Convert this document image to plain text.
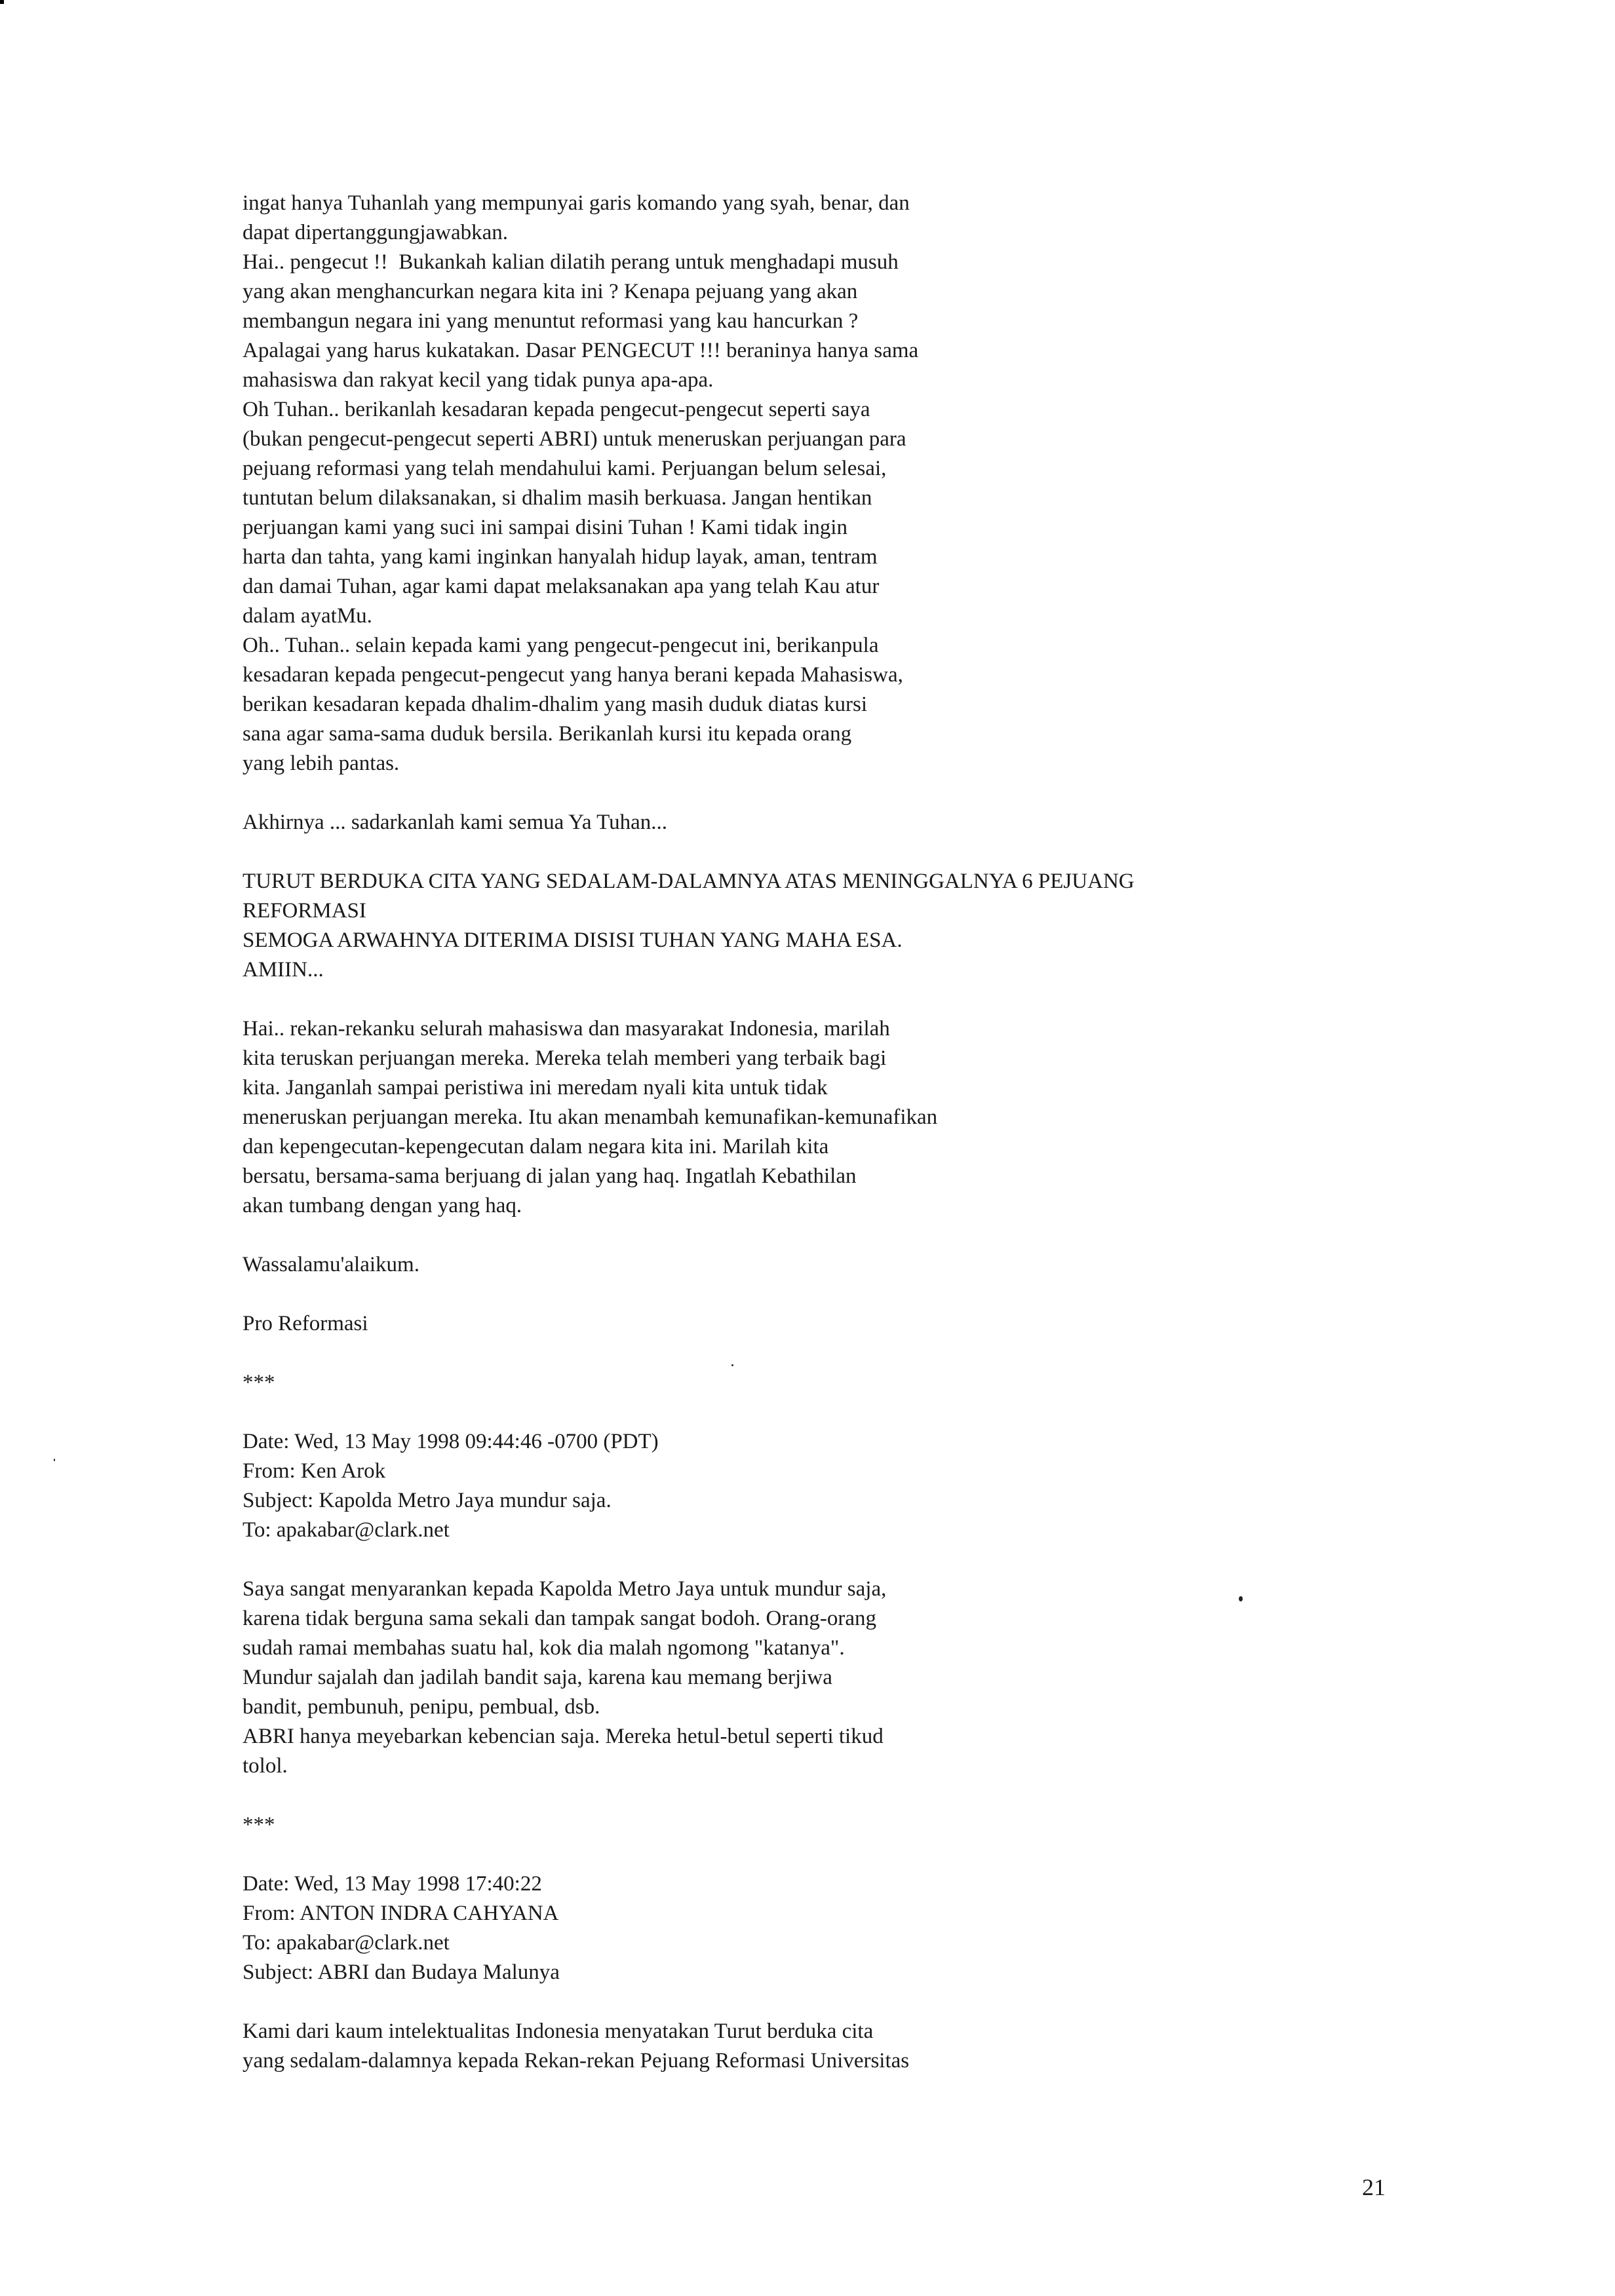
ingat hanya Tuhanlah yang mempunyai garis komando yang syah, benar, dan
dapat dipertanggungjawabkan.
Hai.. pengecut !!  Bukankah kalian dilatih perang untuk menghadapi musuh
yang akan menghancurkan negara kita ini ? Kenapa pejuang yang akan
membangun negara ini yang menuntut reformasi yang kau hancurkan ?
Apalagai yang harus kukatakan. Dasar PENGECUT !!! beraninya hanya sama
mahasiswa dan rakyat kecil yang tidak punya apa-apa.
Oh Tuhan.. berikanlah kesadaran kepada pengecut-pengecut seperti saya
(bukan pengecut-pengecut seperti ABRI) untuk meneruskan perjuangan para
pejuang reformasi yang telah mendahului kami. Perjuangan belum selesai,
tuntutan belum dilaksanakan, si dhalim masih berkuasa. Jangan hentikan
perjuangan kami yang suci ini sampai disini Tuhan ! Kami tidak ingin
harta dan tahta, yang kami inginkan hanyalah hidup layak, aman, tentram
dan damai Tuhan, agar kami dapat melaksanakan apa yang telah Kau atur
dalam ayatMu.
Oh.. Tuhan.. selain kepada kami yang pengecut-pengecut ini, berikanpula
kesadaran kepada pengecut-pengecut yang hanya berani kepada Mahasiswa,
berikan kesadaran kepada dhalim-dhalim yang masih duduk diatas kursi
sana agar sama-sama duduk bersila. Berikanlah kursi itu kepada orang
yang lebih pantas.
Akhirnya ... sadarkanlah kami semua Ya Tuhan...
TURUT BERDUKA CITA YANG SEDALAM-DALAMNYA ATAS MENINGGALNYA 6 PEJUANG
REFORMASI
SEMOGA ARWAHNYA DITERIMA DISISI TUHAN YANG MAHA ESA.
AMIIN...
Hai.. rekan-rekanku selurah mahasiswa dan masyarakat Indonesia, marilah
kita teruskan perjuangan mereka. Mereka telah memberi yang terbaik bagi
kita. Janganlah sampai peristiwa ini meredam nyali kita untuk tidak
meneruskan perjuangan mereka. Itu akan menambah kemunafikan-kemunafikan
dan kepengecutan-kepengecutan dalam negara kita ini. Marilah kita
bersatu, bersama-sama berjuang di jalan yang haq. Ingatlah Kebathilan
akan tumbang dengan yang haq.
Wassalamu'alaikum.
Pro Reformasi
***
Date: Wed, 13 May 1998 09:44:46 -0700 (PDT)
From: Ken Arok
Subject: Kapolda Metro Jaya mundur saja.
To: apakabar@clark.net
Saya sangat menyarankan kepada Kapolda Metro Jaya untuk mundur saja,
karena tidak berguna sama sekali dan tampak sangat bodoh. Orang-orang
sudah ramai membahas suatu hal, kok dia malah ngomong "katanya".
Mundur sajalah dan jadilah bandit saja, karena kau memang berjiwa
bandit, pembunuh, penipu, pembual, dsb.
ABRI hanya meyebarkan kebencian saja. Mereka hetul-betul seperti tikud
tolol.
***
Date: Wed, 13 May 1998 17:40:22
From: ANTON INDRA CAHYANA
To: apakabar@clark.net
Subject: ABRI dan Budaya Malunya
Kami dari kaum intelektualitas Indonesia menyatakan Turut berduka cita
yang sedalam-dalamnya kepada Rekan-rekan Pejuang Reformasi Universitas
21
